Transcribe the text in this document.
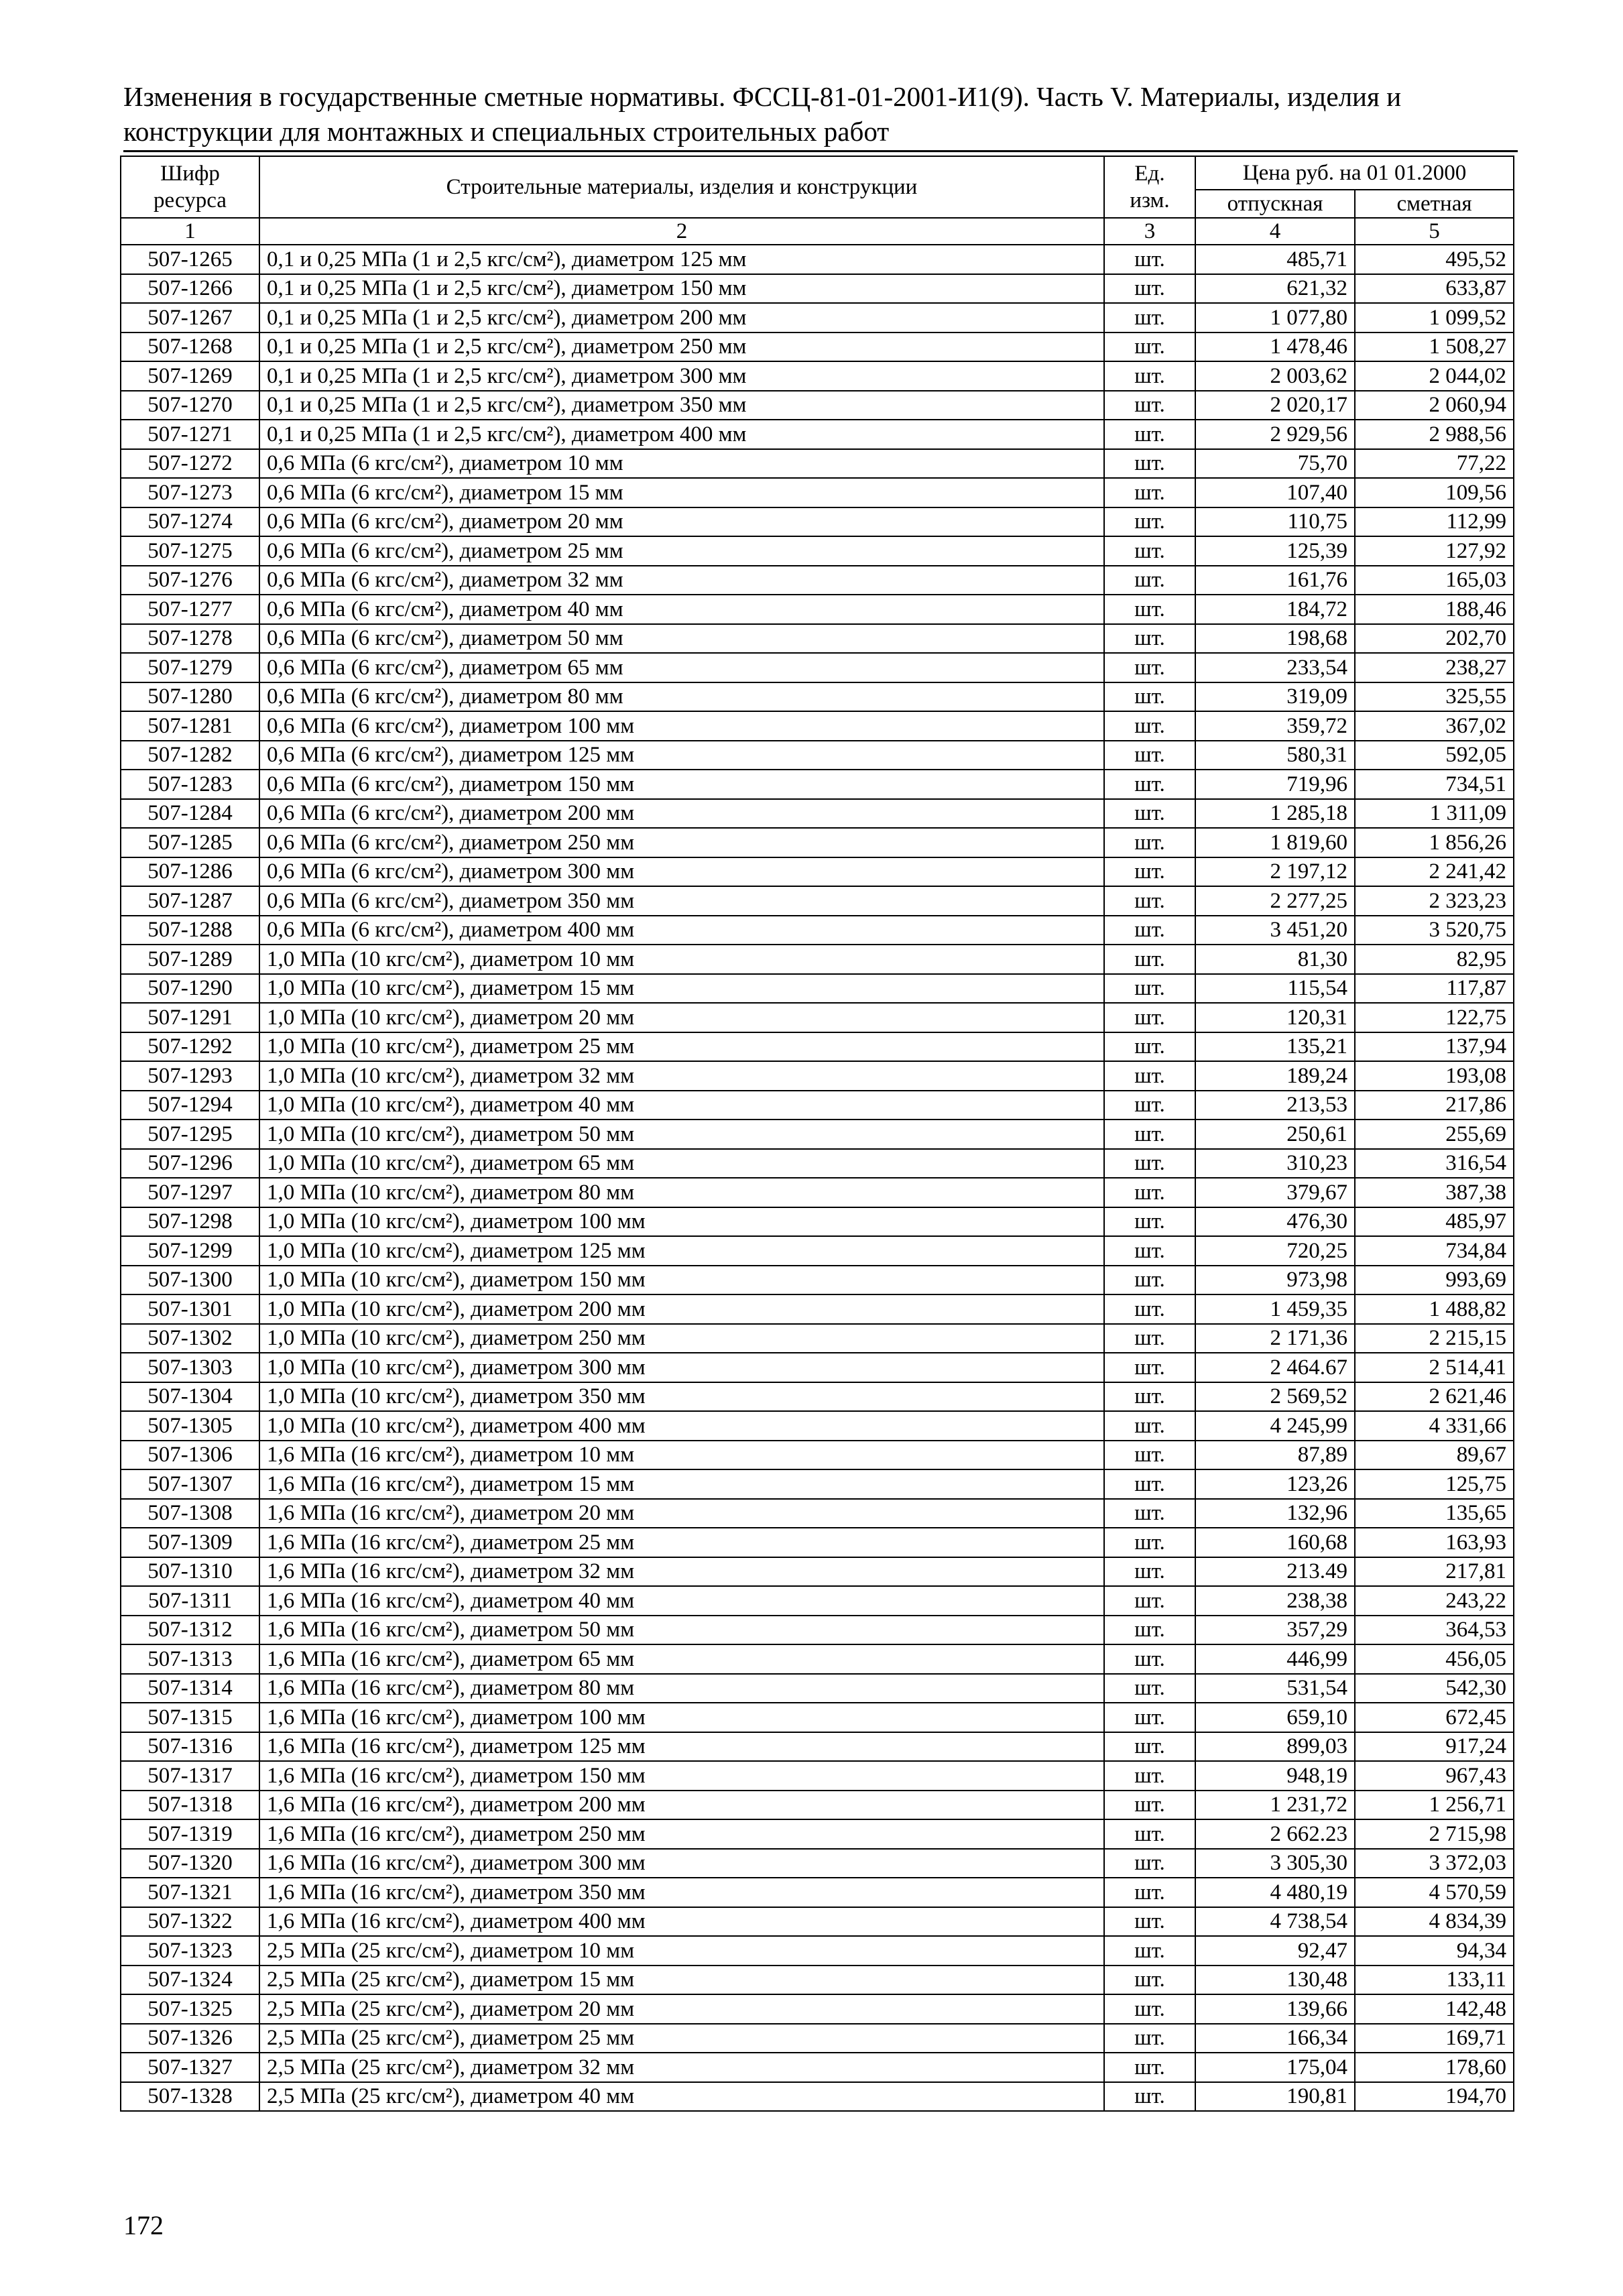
Изменения в государственные сметные нормативы. ФССЦ-81-01-2001-И1(9). Часть V. Материалы, изделия и
конструкции для монтажных и специальных строительных работ
Шифр ресурса	Строительные материалы, изделия и конструкции	Ед. изм.	Цена руб. на 01 01.2000	
			отпускная	сметная
1	2	3	4	5
507-1265	0,1 и 0,25 МПа (1 и 2,5 кгс/см²), диаметром 125 мм	шт.	485,71	495,52
507-1266	0,1 и 0,25 МПа (1 и 2,5 кгс/см²), диаметром 150 мм	шт.	621,32	633,87
507-1267	0,1 и 0,25 МПа (1 и 2,5 кгс/см²), диаметром 200 мм	шт.	1 077,80	1 099,52
507-1268	0,1 и 0,25 МПа (1 и 2,5 кгс/см²), диаметром 250 мм	шт.	1 478,46	1 508,27
507-1269	0,1 и 0,25 МПа (1 и 2,5 кгс/см²), диаметром 300 мм	шт.	2 003,62	2 044,02
507-1270	0,1 и 0,25 МПа (1 и 2,5 кгс/см²), диаметром 350 мм	шт.	2 020,17	2 060,94
507-1271	0,1 и 0,25 МПа (1 и 2,5 кгс/см²), диаметром 400 мм	шт.	2 929,56	2 988,56
507-1272	0,6 МПа (6 кгс/см²), диаметром 10 мм	шт.	75,70	77,22
507-1273	0,6 МПа (6 кгс/см²), диаметром 15 мм	шт.	107,40	109,56
507-1274	0,6 МПа (6 кгс/см²), диаметром 20 мм	шт.	110,75	112,99
507-1275	0,6 МПа (6 кгс/см²), диаметром 25 мм	шт.	125,39	127,92
507-1276	0,6 МПа (6 кгс/см²), диаметром 32 мм	шт.	161,76	165,03
507-1277	0,6 МПа (6 кгс/см²), диаметром 40 мм	шт.	184,72	188,46
507-1278	0,6 МПа (6 кгс/см²), диаметром 50 мм	шт.	198,68	202,70
507-1279	0,6 МПа (6 кгс/см²), диаметром 65 мм	шт.	233,54	238,27
507-1280	0,6 МПа (6 кгс/см²), диаметром 80 мм	шт.	319,09	325,55
507-1281	0,6 МПа (6 кгс/см²), диаметром 100 мм	шт.	359,72	367,02
507-1282	0,6 МПа (6 кгс/см²), диаметром 125 мм	шт.	580,31	592,05
507-1283	0,6 МПа (6 кгс/см²), диаметром 150 мм	шт.	719,96	734,51
507-1284	0,6 МПа (6 кгс/см²), диаметром 200 мм	шт.	1 285,18	1 311,09
507-1285	0,6 МПа (6 кгс/см²), диаметром 250 мм	шт.	1 819,60	1 856,26
507-1286	0,6 МПа (6 кгс/см²), диаметром 300 мм	шт.	2 197,12	2 241,42
507-1287	0,6 МПа (6 кгс/см²), диаметром 350 мм	шт.	2 277,25	2 323,23
507-1288	0,6 МПа (6 кгс/см²), диаметром 400 мм	шт.	3 451,20	3 520,75
507-1289	1,0 МПа (10 кгс/см²), диаметром 10 мм	шт.	81,30	82,95
507-1290	1,0 МПа (10 кгс/см²), диаметром 15 мм	шт.	115,54	117,87
507-1291	1,0 МПа (10 кгс/см²), диаметром 20 мм	шт.	120,31	122,75
507-1292	1,0 МПа (10 кгс/см²), диаметром 25 мм	шт.	135,21	137,94
507-1293	1,0 МПа (10 кгс/см²), диаметром 32 мм	шт.	189,24	193,08
507-1294	1,0 МПа (10 кгс/см²), диаметром 40 мм	шт.	213,53	217,86
507-1295	1,0 МПа (10 кгс/см²), диаметром 50 мм	шт.	250,61	255,69
507-1296	1,0 МПа (10 кгс/см²), диаметром 65 мм	шт.	310,23	316,54
507-1297	1,0 МПа (10 кгс/см²), диаметром 80 мм	шт.	379,67	387,38
507-1298	1,0 МПа (10 кгс/см²), диаметром 100 мм	шт.	476,30	485,97
507-1299	1,0 МПа (10 кгс/см²), диаметром 125 мм	шт.	720,25	734,84
507-1300	1,0 МПа (10 кгс/см²), диаметром 150 мм	шт.	973,98	993,69
507-1301	1,0 МПа (10 кгс/см²), диаметром 200 мм	шт.	1 459,35	1 488,82
507-1302	1,0 МПа (10 кгс/см²), диаметром 250 мм	шт.	2 171,36	2 215,15
507-1303	1,0 МПа (10 кгс/см²), диаметром 300 мм	шт.	2 464.67	2 514,41
507-1304	1,0 МПа (10 кгс/см²), диаметром 350 мм	шт.	2 569,52	2 621,46
507-1305	1,0 МПа (10 кгс/см²), диаметром 400 мм	шт.	4 245,99	4 331,66
507-1306	1,6 МПа (16 кгс/см²), диаметром 10 мм	шт.	87,89	89,67
507-1307	1,6 МПа (16 кгс/см²), диаметром 15 мм	шт.	123,26	125,75
507-1308	1,6 МПа (16 кгс/см²), диаметром 20 мм	шт.	132,96	135,65
507-1309	1,6 МПа (16 кгс/см²), диаметром 25 мм	шт.	160,68	163,93
507-1310	1,6 МПа (16 кгс/см²), диаметром 32 мм	шт.	213.49	217,81
507-1311	1,6 МПа (16 кгс/см²), диаметром 40 мм	шт.	238,38	243,22
507-1312	1,6 МПа (16 кгс/см²), диаметром 50 мм	шт.	357,29	364,53
507-1313	1,6 МПа (16 кгс/см²), диаметром 65 мм	шт.	446,99	456,05
507-1314	1,6 МПа (16 кгс/см²), диаметром 80 мм	шт.	531,54	542,30
507-1315	1,6 МПа (16 кгс/см²), диаметром 100 мм	шт.	659,10	672,45
507-1316	1,6 МПа (16 кгс/см²), диаметром 125 мм	шт.	899,03	917,24
507-1317	1,6 МПа (16 кгс/см²), диаметром 150 мм	шт.	948,19	967,43
507-1318	1,6 МПа (16 кгс/см²), диаметром 200 мм	шт.	1 231,72	1 256,71
507-1319	1,6 МПа (16 кгс/см²), диаметром 250 мм	шт.	2 662.23	2 715,98
507-1320	1,6 МПа (16 кгс/см²), диаметром 300 мм	шт.	3 305,30	3 372,03
507-1321	1,6 МПа (16 кгс/см²), диаметром 350 мм	шт.	4 480,19	4 570,59
507-1322	1,6 МПа (16 кгс/см²), диаметром 400 мм	шт.	4 738,54	4 834,39
507-1323	2,5 МПа (25 кгс/см²), диаметром 10 мм	шт.	92,47	94,34
507-1324	2,5 МПа (25 кгс/см²), диаметром 15 мм	шт.	130,48	133,11
507-1325	2,5 МПа (25 кгс/см²), диаметром 20 мм	шт.	139,66	142,48
507-1326	2,5 МПа (25 кгс/см²), диаметром 25 мм	шт.	166,34	169,71
507-1327	2,5 МПа (25 кгс/см²), диаметром 32 мм	шт.	175,04	178,60
507-1328	2,5 МПа (25 кгс/см²), диаметром 40 мм	шт.	190,81	194,70
172
